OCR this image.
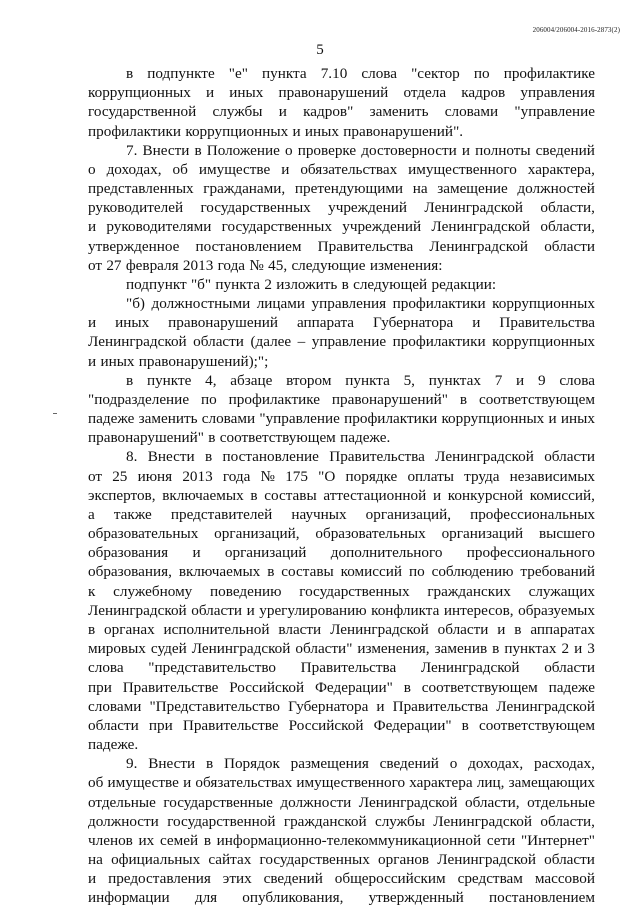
206004/206004-2016-2873(2)
5
в подпункте "е" пункта 7.10 слова "сектор по профилактике
коррупционных и иных правонарушений отдела кадров управления
государственной службы и кадров" заменить словами "управление
профилактики коррупционных и иных правонарушений".
7. Внести в Положение о проверке достоверности и полноты сведений
о доходах, об имуществе и обязательствах имущественного характера,
представленных гражданами, претендующими на замещение должностей
руководителей государственных учреждений Ленинградской области,
и руководителями государственных учреждений Ленинградской области,
утвержденное постановлением Правительства Ленинградской области
от 27 февраля 2013 года № 45, следующие изменения:
подпункт "б" пункта 2 изложить в следующей редакции:
"б) должностными лицами управления профилактики коррупционных
и иных правонарушений аппарата Губернатора и Правительства
Ленинградской области (далее – управление профилактики коррупционных
и иных правонарушений);";
в пункте 4, абзаце втором пункта 5, пунктах 7 и 9 слова
"подразделение по профилактике правонарушений" в соответствующем
падеже заменить словами "управление профилактики коррупционных и иных
правонарушений" в соответствующем падеже.
8. Внести в постановление Правительства Ленинградской области
от 25 июня 2013 года № 175 "О порядке оплаты труда независимых
экспертов, включаемых в составы аттестационной и конкурсной комиссий,
а также представителей научных организаций, профессиональных
образовательных организаций, образовательных организаций высшего
образования и организаций дополнительного профессионального
образования, включаемых в составы комиссий по соблюдению требований
к служебному поведению государственных гражданских служащих
Ленинградской области и урегулированию конфликта интересов, образуемых
в органах исполнительной власти Ленинградской области и в аппаратах
мировых судей Ленинградской области" изменения, заменив в пунктах 2 и 3
слова "представительство Правительства Ленинградской области
при Правительстве Российской Федерации" в соответствующем падеже
словами "Представительство Губернатора и Правительства Ленинградской
области при Правительстве Российской Федерации" в соответствующем
падеже.
9. Внести в Порядок размещения сведений о доходах, расходах,
об имуществе и обязательствах имущественного характера лиц, замещающих
отдельные государственные должности Ленинградской области, отдельные
должности государственной гражданской службы Ленинградской области,
членов их семей в информационно-телекоммуникационной сети "Интернет"
на официальных сайтах государственных органов Ленинградской области
и предоставления этих сведений общероссийским средствам массовой
информации для опубликования, утвержденный постановлением
